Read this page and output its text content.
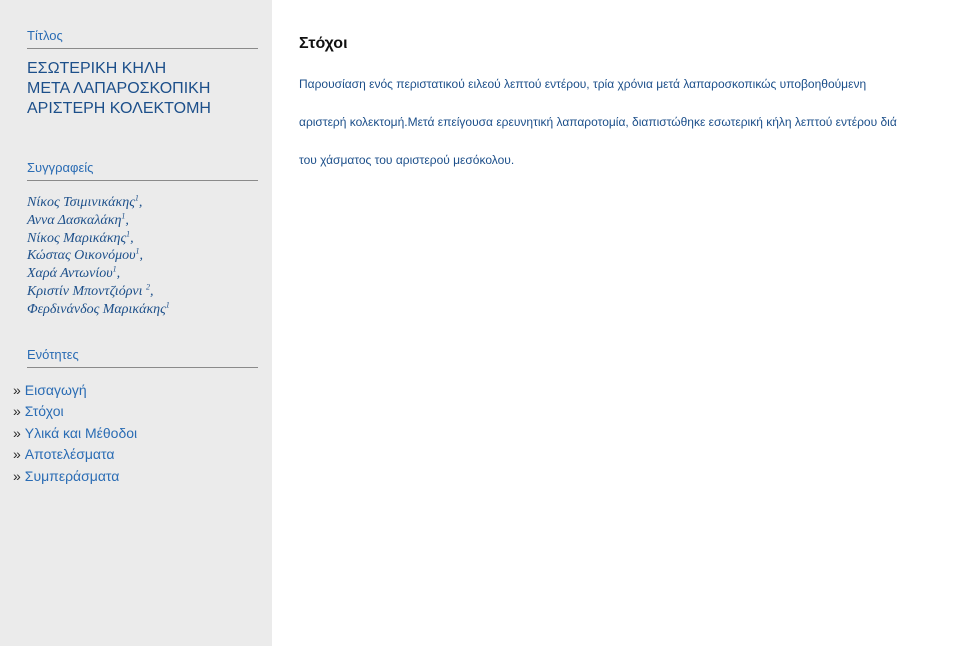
Τίτλος
ΕΣΩΤΕΡΙΚΗ ΚΗΛΗ
ΜΕΤΑ ΛΑΠΑΡΟΣΚΟΠΙΚΗ
ΑΡΙΣΤΕΡΗ ΚΟΛΕΚΤΟΜΗ
Συγγραφείς
Νίκος Τσιμινικάκης$^1$,
Αννα Δασκαλάκη$^1$,
Νίκος Μαρικάκης$^1$,
Κώστας Οικονόμου$^1$,
Χαρά Αντωνίου$^1$,
Κριστίν Μποντζιόρνι $^2$,
Φερδινάνδος Μαρικάκης$^1$
Ενότητες
» Εισαγωγή
» Στόχοι
» Υλικά και Μέθοδοι
» Αποτελέσματα
» Συμπεράσματα
Στόχοι

Παρουσίαση ενός περιστατικού ειλεού λεπτού εντέρου, τρία χρόνια μετά λαπαροσκοπικώς υποβοηθούμενη

αριστερή κολεκτομή.Μετά επείγουσα ερευνητική λαπαροτομία, διαπιστώθηκε εσωτερική κήλη λεπτού εντέρου διά

του χάσματος του αριστερού μεσόκολου.
